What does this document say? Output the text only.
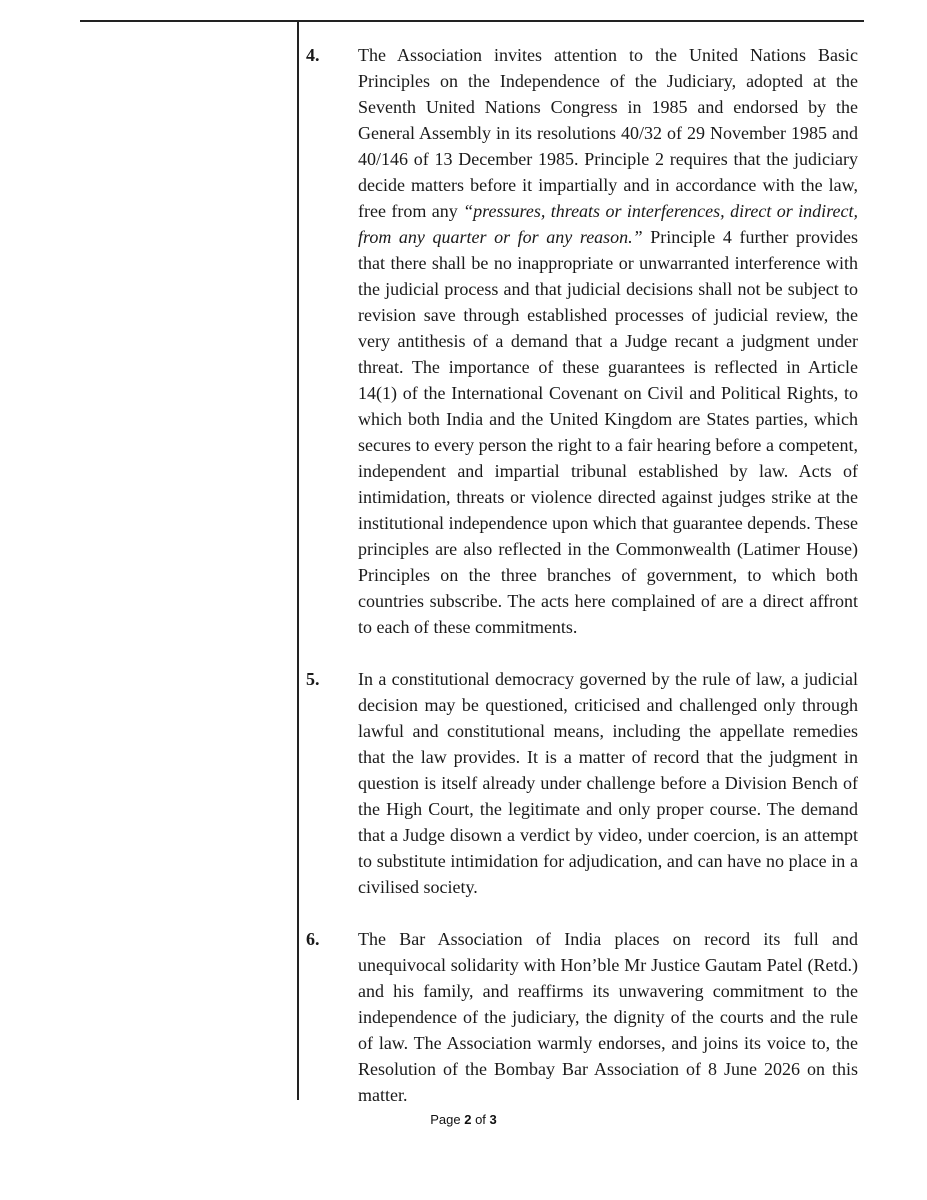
4. The Association invites attention to the United Nations Basic Principles on the Independence of the Judiciary, adopted at the Seventh United Nations Congress in 1985 and endorsed by the General Assembly in its resolutions 40/32 of 29 November 1985 and 40/146 of 13 December 1985. Principle 2 requires that the judiciary decide matters before it impartially and in accordance with the law, free from any “pressures, threats or interferences, direct or indirect, from any quarter or for any reason.” Principle 4 further provides that there shall be no inappropriate or unwarranted interference with the judicial process and that judicial decisions shall not be subject to revision save through established processes of judicial review, the very antithesis of a demand that a Judge recant a judgment under threat. The importance of these guarantees is reflected in Article 14(1) of the International Covenant on Civil and Political Rights, to which both India and the United Kingdom are States parties, which secures to every person the right to a fair hearing before a competent, independent and impartial tribunal established by law. Acts of intimidation, threats or violence directed against judges strike at the institutional independence upon which that guarantee depends. These principles are also reflected in the Commonwealth (Latimer House) Principles on the three branches of government, to which both countries subscribe. The acts here complained of are a direct affront to each of these commitments.
5. In a constitutional democracy governed by the rule of law, a judicial decision may be questioned, criticised and challenged only through lawful and constitutional means, including the appellate remedies that the law provides. It is a matter of record that the judgment in question is itself already under challenge before a Division Bench of the High Court, the legitimate and only proper course. The demand that a Judge disown a verdict by video, under coercion, is an attempt to substitute intimidation for adjudication, and can have no place in a civilised society.
6. The Bar Association of India places on record its full and unequivocal solidarity with Hon’ble Mr Justice Gautam Patel (Retd.) and his family, and reaffirms its unwavering commitment to the independence of the judiciary, the dignity of the courts and the rule of law. The Association warmly endorses, and joins its voice to, the Resolution of the Bombay Bar Association of 8 June 2026 on this matter.
Page 2 of 3
